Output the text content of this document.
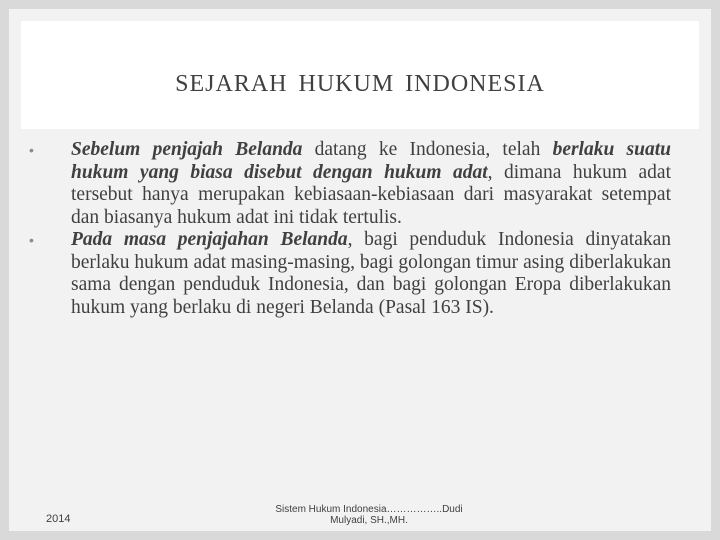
SEJARAH HUKUM INDONESIA
• Sebelum penjajah Belanda datang ke Indonesia, telah berlaku suatu hukum yang biasa disebut dengan hukum adat, dimana hukum adat tersebut hanya merupakan kebiasaan-kebiasaan dari masyarakat setempat dan biasanya hukum adat ini tidak tertulis.
• Pada masa penjajahan Belanda, bagi penduduk Indonesia dinyatakan berlaku hukum adat masing-masing, bagi golongan timur asing diberlakukan sama dengan penduduk Indonesia, dan bagi golongan Eropa diberlakukan hukum yang berlaku di negeri Belanda (Pasal 163 IS).
2014
Sistem Hukum Indonesia……………..Dudi
Mulyadi, SH.,MH.
